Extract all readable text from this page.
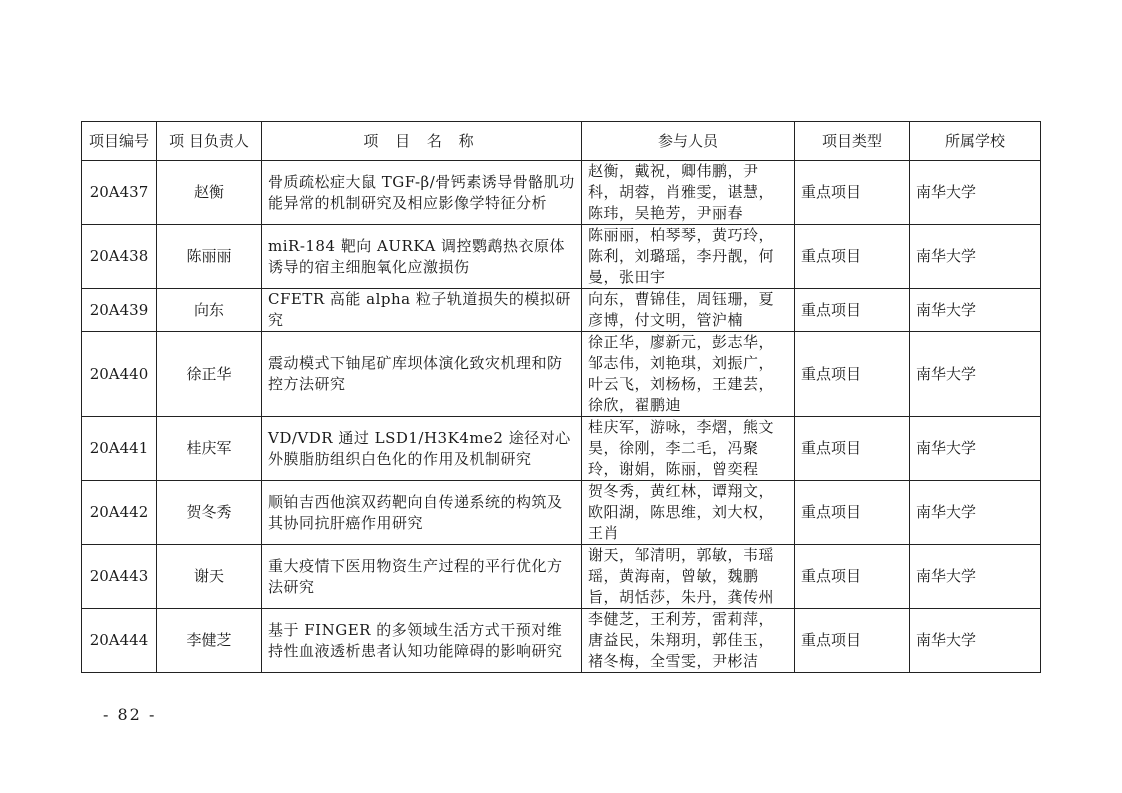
项目编号	项 目负责人	项 目 名 称	参与人员	项目类型	所属学校
20A437	赵衡	骨质疏松症大鼠 TGF-β/骨钙素诱导骨骼肌功能异常的机制研究及相应影像学特征分析	赵衡，戴祝，卿伟鹏，尹科，胡蓉，肖雅雯，谌慧，陈玮，吴艳芳，尹丽春	重点项目	南华大学
20A438	陈丽丽	miR-184 靶向 AURKA 调控鹦鹉热衣原体诱导的宿主细胞氧化应激损伤	陈丽丽，柏琴琴，黄巧玲，陈利，刘璐瑶，李丹靓，何曼，张田宇	重点项目	南华大学
20A439	向东	CFETR 高能 alpha 粒子轨道损失的模拟研究	向东，曹锦佳，周钰珊，夏彦博，付文明，管沪楠	重点项目	南华大学
20A440	徐正华	震动模式下铀尾矿库坝体演化致灾机理和防控方法研究	徐正华，廖新元，彭志华，邹志伟，刘艳琪，刘振广，叶云飞，刘杨杨，王建芸，徐欣，翟鹏迪	重点项目	南华大学
20A441	桂庆军	VD/VDR 通过 LSD1/H3K4me2 途径对心外膜脂肪组织白色化的作用及机制研究	桂庆军，游咏，李熠，熊文昊，徐刚，李二毛，冯聚玲，谢娟，陈丽，曾奕程	重点项目	南华大学
20A442	贺冬秀	顺铂吉西他滨双药靶向自传递系统的构筑及其协同抗肝癌作用研究	贺冬秀，黄红林，谭翔文，欧阳湖，陈思维，刘大权，王肖	重点项目	南华大学
20A443	谢天	重大疫情下医用物资生产过程的平行优化方法研究	谢天，邹清明，郭敏，韦瑶瑶，黄海南，曾敏，魏鹏旨，胡恬莎，朱丹，龚传州	重点项目	南华大学
20A444	李健芝	基于 FINGER 的多领域生活方式干预对维持性血液透析患者认知功能障碍的影响研究	李健芝，王利芳，雷莉萍，唐益民，朱翔玥，郭佳玉，褚冬梅，全雪雯，尹彬洁	重点项目	南华大学
- 82 -
